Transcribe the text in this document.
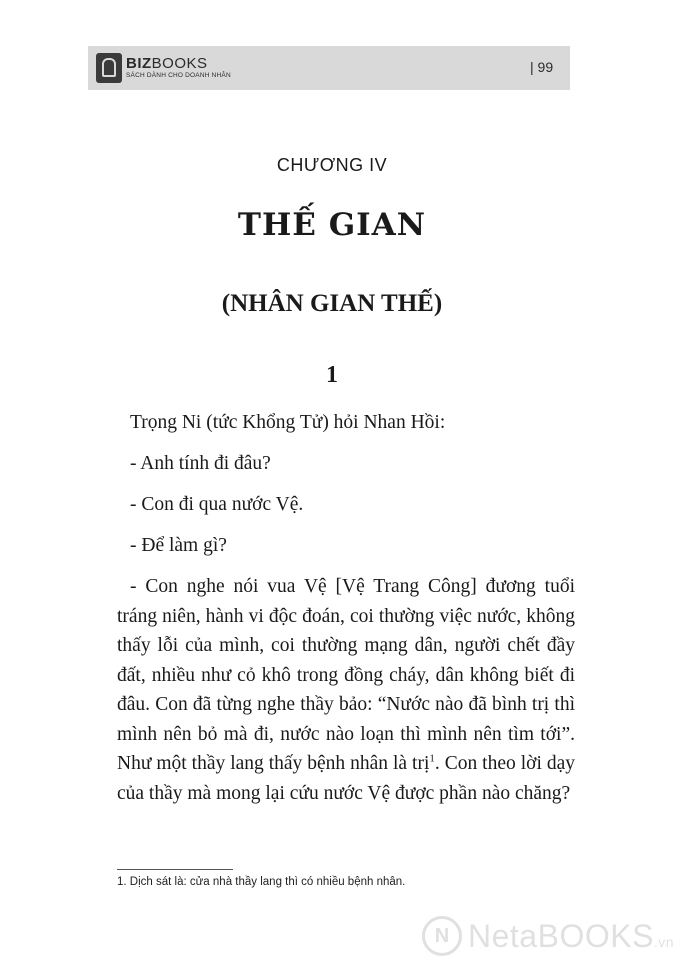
BIZBOOKS
SÁCH DÀNH CHO DOANH NHÂN
| 99
CHƯƠNG IV
THẾ GIAN
(NHÂN GIAN THẾ)
1

Trọng Ni (tức Khổng Tử) hỏi Nhan Hồi:

- Anh tính đi đâu?

- Con đi qua nước Vệ.

- Để làm gì?

- Con nghe nói vua Vệ [Vệ Trang Công] đương tuổi tráng niên, hành vi độc đoán, coi thường việc nước, không thấy lỗi của mình, coi thường mạng dân, người chết đầy đất, nhiều như cỏ khô trong đồng cháy, dân không biết đi đâu. Con đã từng nghe thầy bảo: “Nước nào đã bình trị thì mình nên bỏ mà đi, nước nào loạn thì mình nên tìm tới”. Như một thầy lang thấy bệnh nhân là trị$^1$. Con theo lời dạy của thầy mà mong lại cứu nước Vệ được phần nào chăng?

1. Dịch sát là: cửa nhà thầy lang thì có nhiều bệnh nhân.
N
NetaBOOKS.vn
